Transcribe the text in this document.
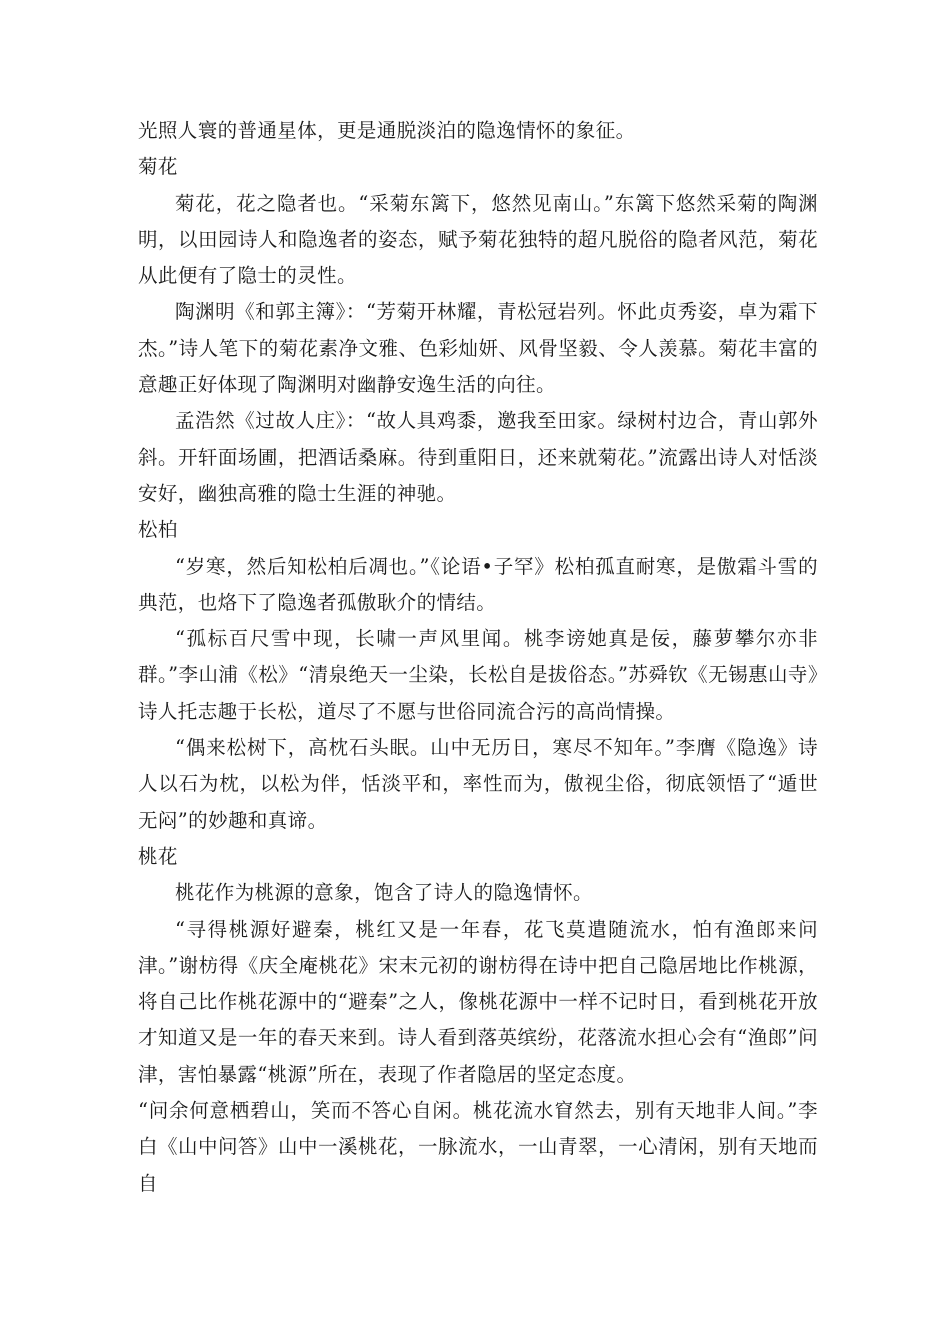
光照人寰的普通星体，更是通脱淡泊的隐逸情怀的象征。

菊花

菊花，花之隐者也。“采菊东篱下，悠然见南山。”东篱下悠然采菊的陶渊明，以田园诗人和隐逸者的姿态，赋予菊花独特的超凡脱俗的隐者风范，菊花从此便有了隐士的灵性。

陶渊明《和郭主簿》：“芳菊开林耀，青松冠岩列。怀此贞秀姿，卓为霜下杰。”诗人笔下的菊花素净文雅、色彩灿妍、风骨坚毅、令人羡慕。菊花丰富的意趣正好体现了陶渊明对幽静安逸生活的向往。

孟浩然《过故人庄》：“故人具鸡黍，邀我至田家。绿树村边合，青山郭外斜。开轩面场圃，把酒话桑麻。待到重阳日，还来就菊花。”流露出诗人对恬淡安好，幽独高雅的隐士生涯的神驰。

松柏

“岁寒，然后知松柏后凋也。”《论语•子罕》松柏孤直耐寒，是傲霜斗雪的典范，也烙下了隐逸者孤傲耿介的情结。

“孤标百尺雪中现，长啸一声风里闻。桃李谤她真是佞，藤萝攀尔亦非群。”李山浦《松》“清泉绝天一尘染，长松自是拔俗态。”苏舜钦《无锡惠山寺》诗人托志趣于长松，道尽了不愿与世俗同流合污的高尚情操。

“偶来松树下，高枕石头眠。山中无历日，寒尽不知年。”李膺《隐逸》诗人以石为枕，以松为伴，恬淡平和，率性而为，傲视尘俗，彻底领悟了“遁世无闷”的妙趣和真谛。

桃花

桃花作为桃源的意象，饱含了诗人的隐逸情怀。

“寻得桃源好避秦，桃红又是一年春，花飞莫遣随流水，怕有渔郎来问津。”谢枋得《庆全庵桃花》宋末元初的谢枋得在诗中把自己隐居地比作桃源，将自己比作桃花源中的“避秦”之人，像桃花源中一样不记时日，看到桃花开放才知道又是一年的春天来到。诗人看到落英缤纷，花落流水担心会有“渔郎”问津，害怕暴露“桃源”所在，表现了作者隐居的坚定态度。

“问余何意栖碧山，笑而不答心自闲。桃花流水窅然去，别有天地非人间。”李白《山中问答》山中一溪桃花，一脉流水，一山青翠，一心清闲，别有天地而自
